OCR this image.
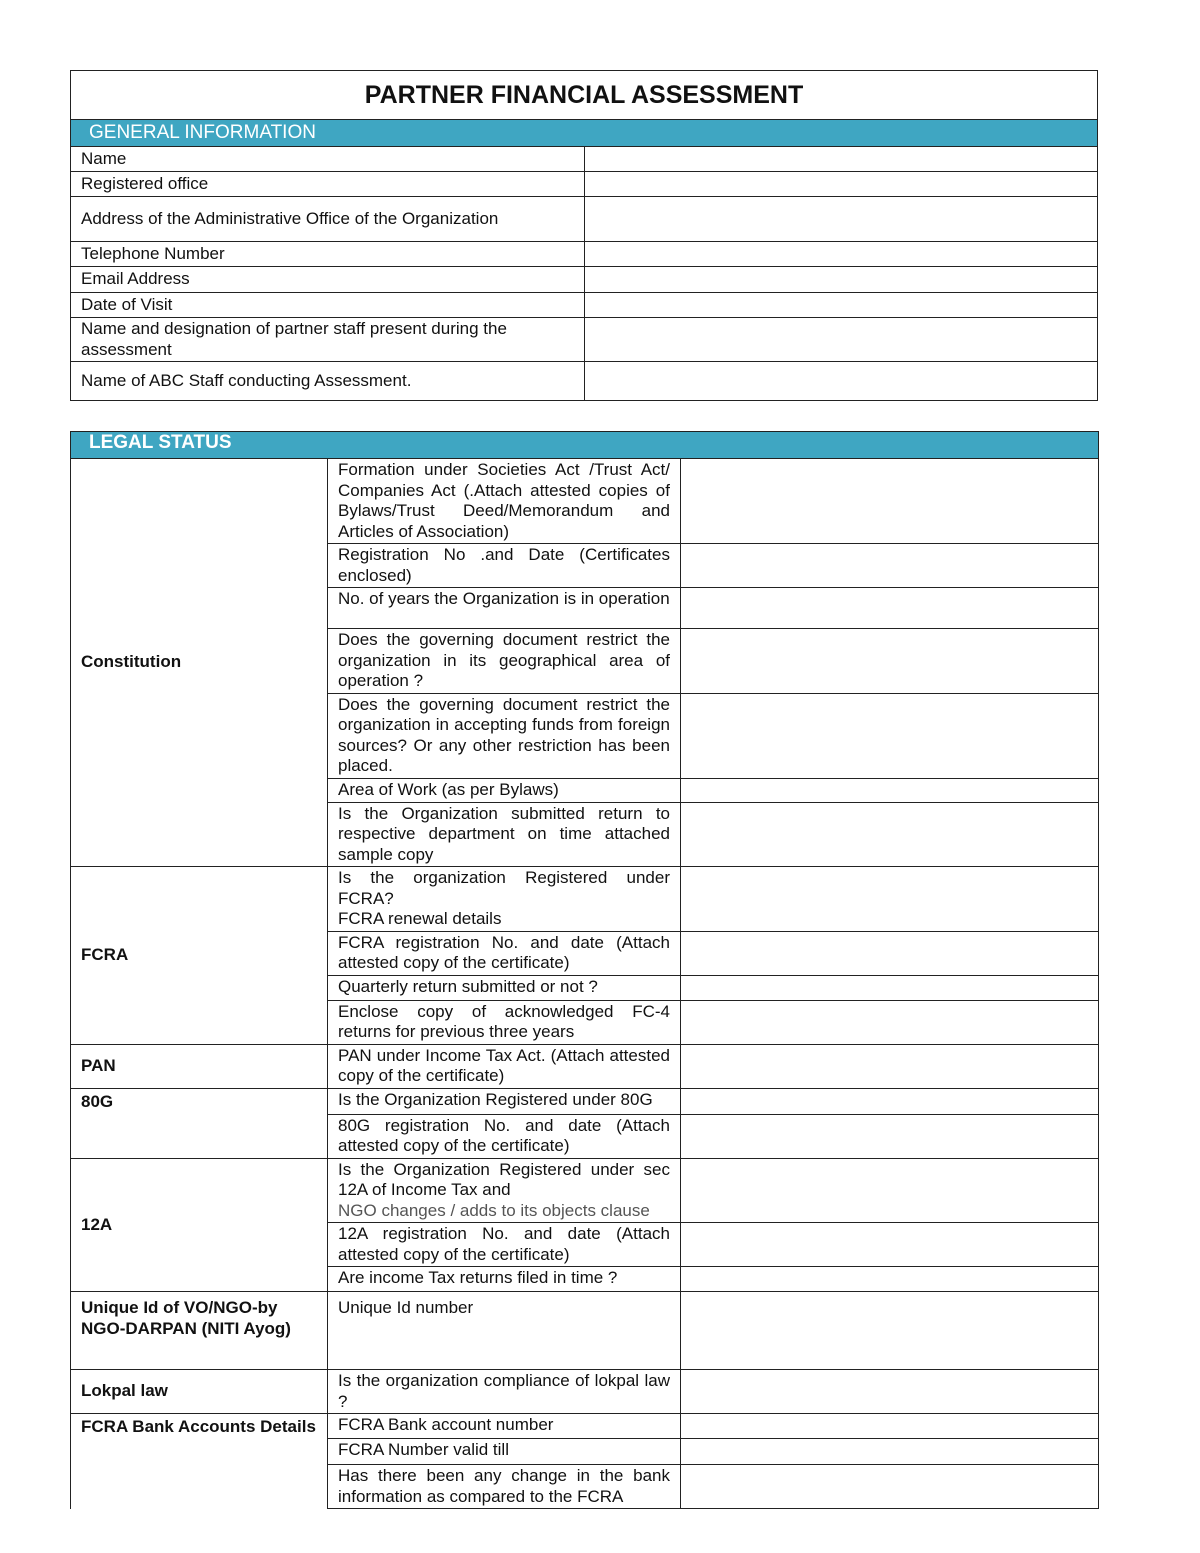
PARTNER FINANCIAL ASSESSMENT	
GENERAL INFORMATION	
Name	
Registered office	
Address of the Administrative Office of the Organization	
Telephone Number	
Email Address	
Date of Visit	
Name and designation of partner staff present during the assessment	
Name of ABC Staff conducting Assessment.	
LEGAL STATUS		
Constitution	Formation under Societies Act /Trust Act/ Companies Act (.Attach attested copies of Bylaws/Trust Deed/Memorandum and Articles of Association)	
	Registration No .and Date (Certificates enclosed)	
	No. of years the Organization is in operation	
	Does the governing document restrict the organization in its geographical area of operation ?	
	Does the governing document restrict the organization in accepting funds from foreign sources? Or any other restriction has been placed.	
	Area of Work (as per Bylaws)	
	Is the Organization submitted return to respective department on time attached sample copy	
FCRA	Is the organization Registered under FCRA?
FCRA renewal details	
	FCRA registration No. and date (Attach attested copy of the certificate)	
	Quarterly return submitted or not ?	
	Enclose copy of acknowledged FC-4 returns for previous three years	
PAN	PAN under Income Tax Act. (Attach attested copy of the certificate)	
80G	Is the Organization Registered under 80G	
	80G registration No. and date (Attach attested copy of the certificate)	
12A	Is the Organization Registered under sec 12A of Income Tax and
NGO changes / adds to its objects clause	
	12A registration No. and date (Attach attested copy of the certificate)	
	Are income Tax returns filed in time ?	
Unique Id of VO/NGO-by
NGO-DARPAN (NITI Ayog)	Unique Id number	
Lokpal law	Is the organization compliance of lokpal law ?	
FCRA Bank Accounts Details	FCRA Bank account number	
	FCRA Number valid till	
	Has there been any change in the bank information as compared to the FCRA	
